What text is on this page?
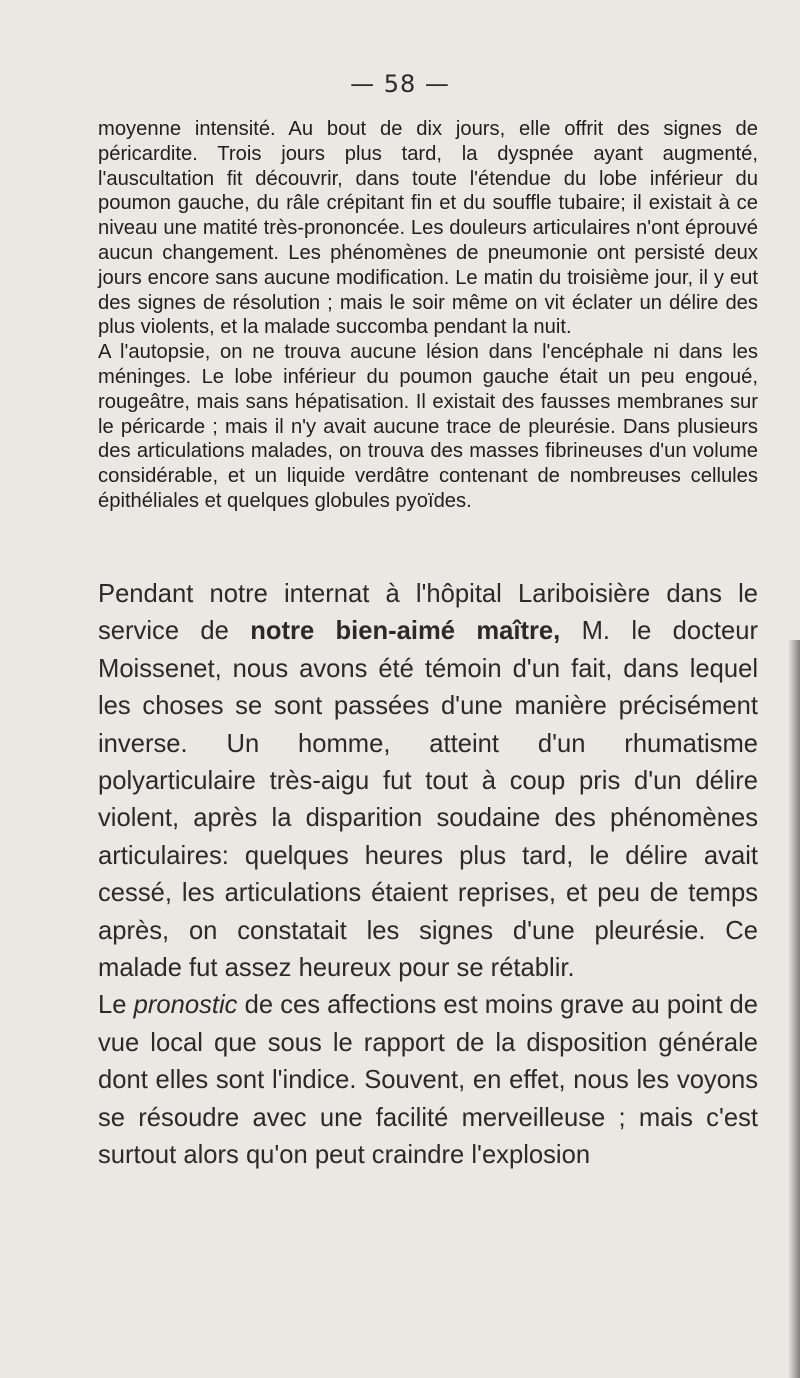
— 58 —

moyenne intensité. Au bout de dix jours, elle offrit des signes de péricardite. Trois jours plus tard, la dyspnée ayant augmenté, l'auscultation fit découvrir, dans toute l'étendue du lobe inférieur du poumon gauche, du râle crépitant fin et du souffle tubaire; il existait à ce niveau une matité très-prononcée. Les douleurs articulaires n'ont éprouvé aucun changement. Les phénomènes de pneumonie ont persisté deux jours encore sans aucune modification. Le matin du troisième jour, il y eut des signes de résolution ; mais le soir même on vit éclater un délire des plus violents, et la malade succomba pendant la nuit.

A l'autopsie, on ne trouva aucune lésion dans l'encéphale ni dans les méninges. Le lobe inférieur du poumon gauche était un peu engoué, rougeâtre, mais sans hépatisation. Il existait des fausses membranes sur le péricarde ; mais il n'y avait aucune trace de pleurésie. Dans plusieurs des articulations malades, on trouva des masses fibrineuses d'un volume considérable, et un liquide verdâtre contenant de nombreuses cellules épithéliales et quelques globules pyoïdes.

Pendant notre internat à l'hôpital Lariboisière dans le service de notre bien-aimé maître, M. le docteur Moissenet, nous avons été témoin d'un fait, dans lequel les choses se sont passées d'une manière précisément inverse. Un homme, atteint d'un rhumatisme polyarticulaire très-aigu fut tout à coup pris d'un délire violent, après la disparition soudaine des phénomènes articulaires: quelques heures plus tard, le délire avait cessé, les articulations étaient reprises, et peu de temps après, on constatait les signes d'une pleurésie. Ce malade fut assez heureux pour se rétablir.

Le pronostic de ces affections est moins grave au point de vue local que sous le rapport de la disposition générale dont elles sont l'indice. Souvent, en effet, nous les voyons se résoudre avec une facilité merveilleuse ; mais c'est surtout alors qu'on peut craindre l'explosion
